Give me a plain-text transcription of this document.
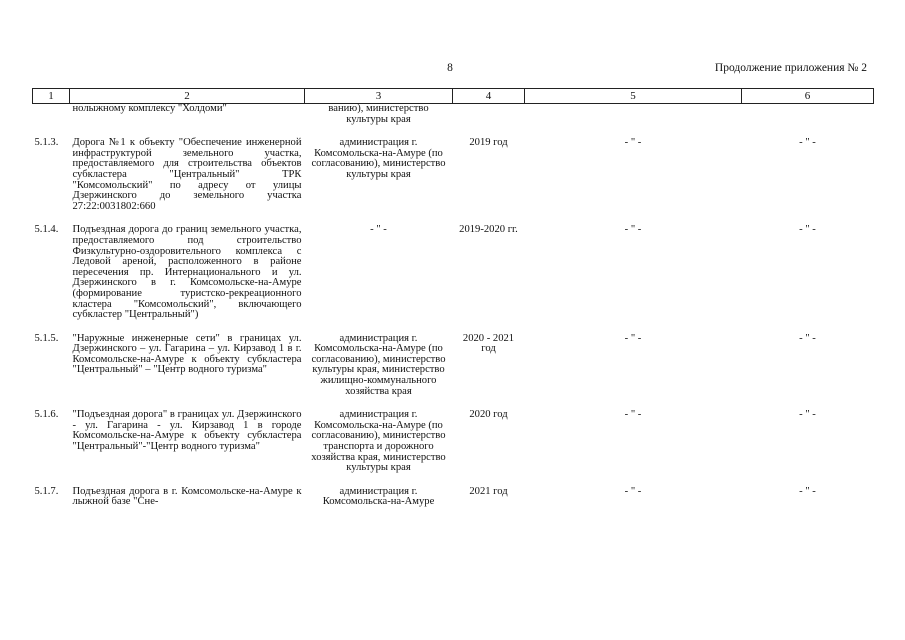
8	Продолжение приложения № 2
1	2	3	4	5	6
	нолыжному комплексу "Холдоми"	ванию), министерство культуры края			

5.1.3.	Дорога №1 к объекту "Обеспечение инженерной инфраструктурой земельного участка, предоставляемого для строительства объектов субкластера "Центральный" ТРК "Комсомольский" по адресу от улицы Дзержинского до земельного участка 27:22:0031802:660	администрация г. Комсомольска-на-Амуре (по согласованию), министерство культуры края	2019 год	- " -	- " -

5.1.4.	Подъездная дорога до границ земельного участка, предоставляемого под строительство Физкультурно-оздоровительного комплекса с Ледовой ареной, расположенного в районе пересечения пр. Интернационального и ул. Дзержинского в г. Комсомольске-на-Амуре (формирование туристско-рекреационного кластера "Комсомольский", включающего субкластер "Центральный")	- " -	2019-2020 гг.	- " -	- " -

5.1.5.	"Наружные инженерные сети" в границах ул. Дзержинского – ул. Гагарина – ул. Кирзавод 1 в г. Комсомольске-на-Амуре к объекту субкластера "Центральный" – "Центр водного туризма"	администрация г. Комсомольска-на-Амуре (по согласованию), министерство культуры края, министерство жилищно-коммунального хозяйства края	2020 - 2021 год	- " -	- " -

5.1.6.	"Подъездная дорога" в границах ул. Дзержинского - ул. Гагарина - ул. Кирзавод 1 в городе Комсомольске-на-Амуре к объекту субкластера "Центральный"-"Центр водного туризма"	администрация г. Комсомольска-на-Амуре (по согласованию), министерство транспорта и дорожного хозяйства края, министерство культуры края	2020 год	- " -	- " -

5.1.7.	Подъездная дорога в г. Комсомольске-на-Амуре к лыжной базе "Сне-	администрация г. Комсомольска-на-Амуре	2021 год	- " -	- " -
